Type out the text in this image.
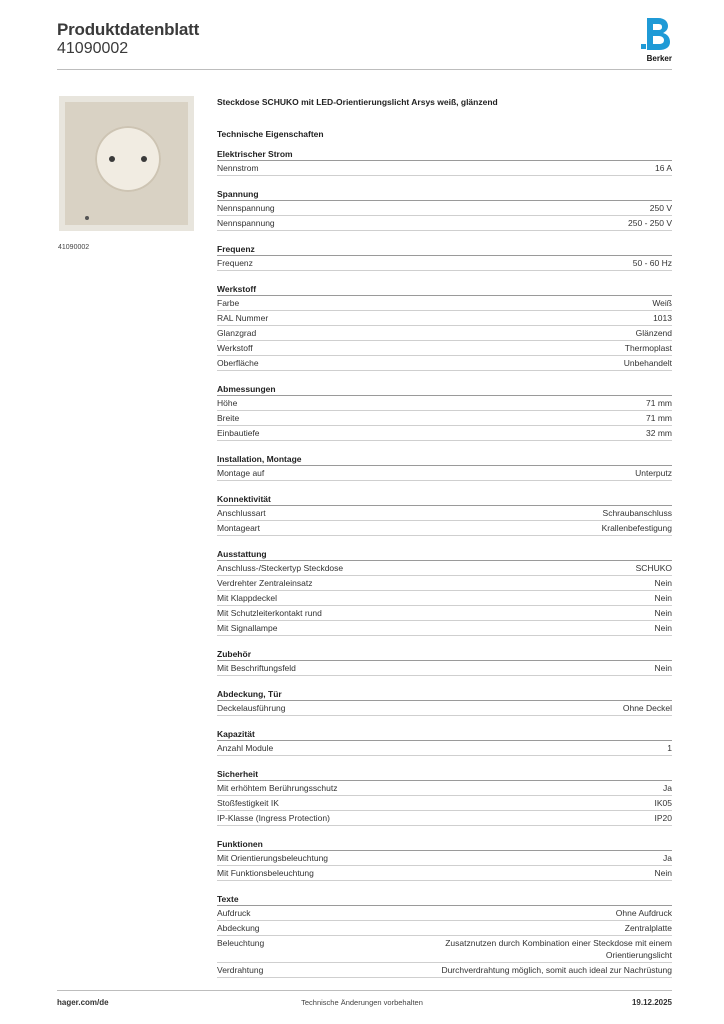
Produktdatenblatt
41090002
Berker
41090002
Steckdose SCHUKO mit LED-Orientierungslicht Arsys weiß, glänzend
Technische Eigenschaften
Elektrischer Strom
Nennstrom	16 A
Spannung
Nennspannung	250 V
Nennspannung	250 - 250 V
Frequenz
Frequenz	50 - 60 Hz
Werkstoff
Farbe	Weiß
RAL Nummer	1013
Glanzgrad	Glänzend
Werkstoff	Thermoplast
Oberfläche	Unbehandelt
Abmessungen
Höhe	71 mm
Breite	71 mm
Einbautiefe	32 mm
Installation, Montage
Montage auf	Unterputz
Konnektivität
Anschlussart	Schraubanschluss
Montageart	Krallenbefestigung
Ausstattung
Anschluss-/Steckertyp Steckdose	SCHUKO
Verdrehter Zentraleinsatz	Nein
Mit Klappdeckel	Nein
Mit Schutzleiterkontakt rund	Nein
Mit Signallampe	Nein
Zubehör
Mit Beschriftungsfeld	Nein
Abdeckung, Tür
Deckelausführung	Ohne Deckel
Kapazität
Anzahl Module	1
Sicherheit
Mit erhöhtem Berührungsschutz	Ja
Stoßfestigkeit IK	IK05
IP-Klasse (Ingress Protection)	IP20
Funktionen
Mit Orientierungsbeleuchtung	Ja
Mit Funktionsbeleuchtung	Nein
Texte
Aufdruck	Ohne Aufdruck
Abdeckung	Zentralplatte
Beleuchtung	Zusatznutzen durch Kombination einer Steckdose mit einem Orientierungslicht
Verdrahtung	Durchverdrahtung möglich, somit auch ideal zur Nachrüstung
hager.com/de	Technische Änderungen vorbehalten	19.12.2025
